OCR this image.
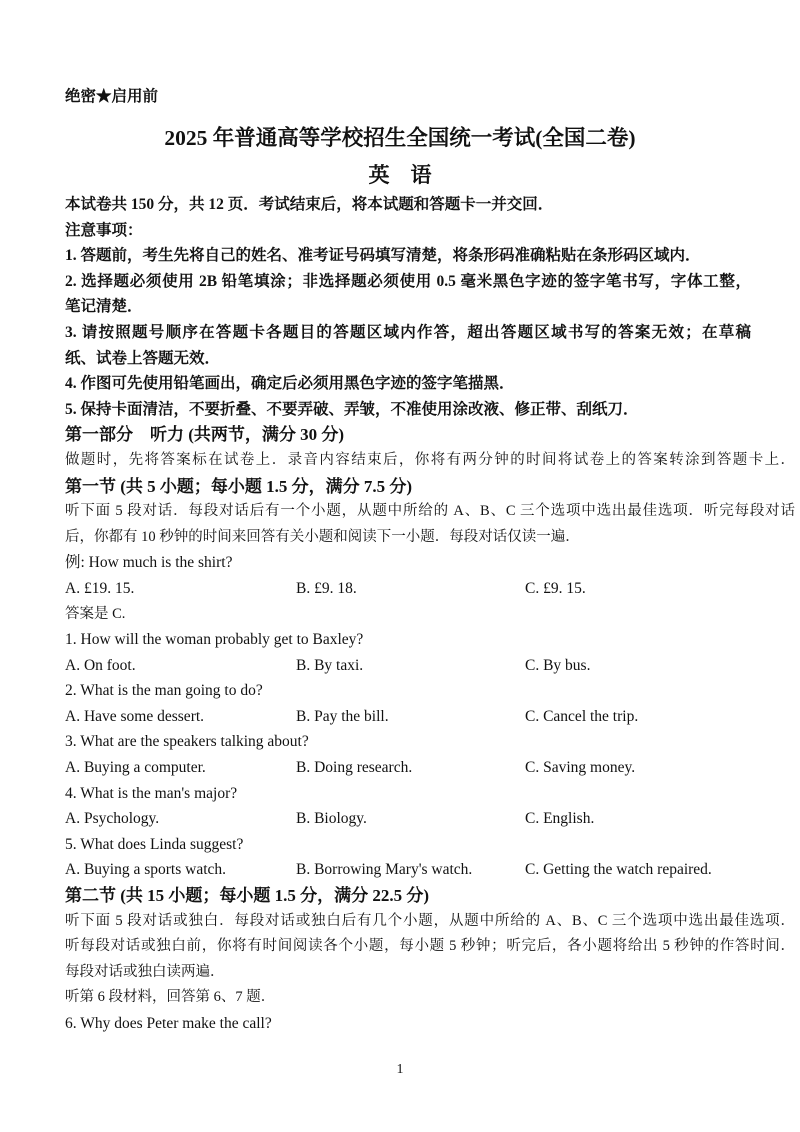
绝密★启用前
2025 年普通高等学校招生全国统一考试(全国二卷)
英　语
本试卷共 150 分，共 12 页．考试结束后，将本试题和答题卡一并交回．
注意事项：
1. 答题前，考生先将自己的姓名、准考证号码填写清楚，将条形码准确粘贴在条形码区域内．
2. 选择题必须使用 2B 铅笔填涂；非选择题必须使用 0.5 毫米黑色字迹的签字笔书写，字体工整，
笔记清楚．
3. 请按照题号顺序在答题卡各题目的答题区域内作答，超出答题区域书写的答案无效；在草稿
纸、试卷上答题无效．
4. 作图可先使用铅笔画出，确定后必须用黑色字迹的签字笔描黑．
5. 保持卡面清洁，不要折叠、不要弄破、弄皱，不准使用涂改液、修正带、刮纸刀．
第一部分　听力 (共两节，满分 30 分)
做题时，先将答案标在试卷上．录音内容结束后，你将有两分钟的时间将试卷上的答案转涂到答题卡上．
第一节 (共 5 小题；每小题 1.5 分，满分 7.5 分)
听下面 5 段对话．每段对话后有一个小题，从题中所给的 A、B、C 三个选项中选出最佳选项．听完每段对话
后，你都有 10 秒钟的时间来回答有关小题和阅读下一小题．每段对话仅读一遍．
例: How much is the shirt?
A. £19. 15.	B. £9. 18.	C. £9. 15.
答案是 C.
1. How will the woman probably get to Baxley?
A. On foot.	B. By taxi.	C. By bus.
2. What is the man going to do?
A. Have some dessert.	B. Pay the bill.	C. Cancel the trip.
3. What are the speakers talking about?
A. Buying a computer.	B. Doing research.	C. Saving money.
4. What is the man's major?
A. Psychology.	B. Biology.	C. English.
5. What does Linda suggest?
A. Buying a sports watch.	B. Borrowing Mary's watch.	C. Getting the watch repaired.
第二节 (共 15 小题；每小题 1.5 分，满分 22.5 分)
听下面 5 段对话或独白．每段对话或独白后有几个小题，从题中所给的 A、B、C 三个选项中选出最佳选项．
听每段对话或独白前，你将有时间阅读各个小题，每小题 5 秒钟；听完后，各小题将给出 5 秒钟的作答时间．
每段对话或独白读两遍．
听第 6 段材料，回答第 6、7 题．
6. Why does Peter make the call?
1
